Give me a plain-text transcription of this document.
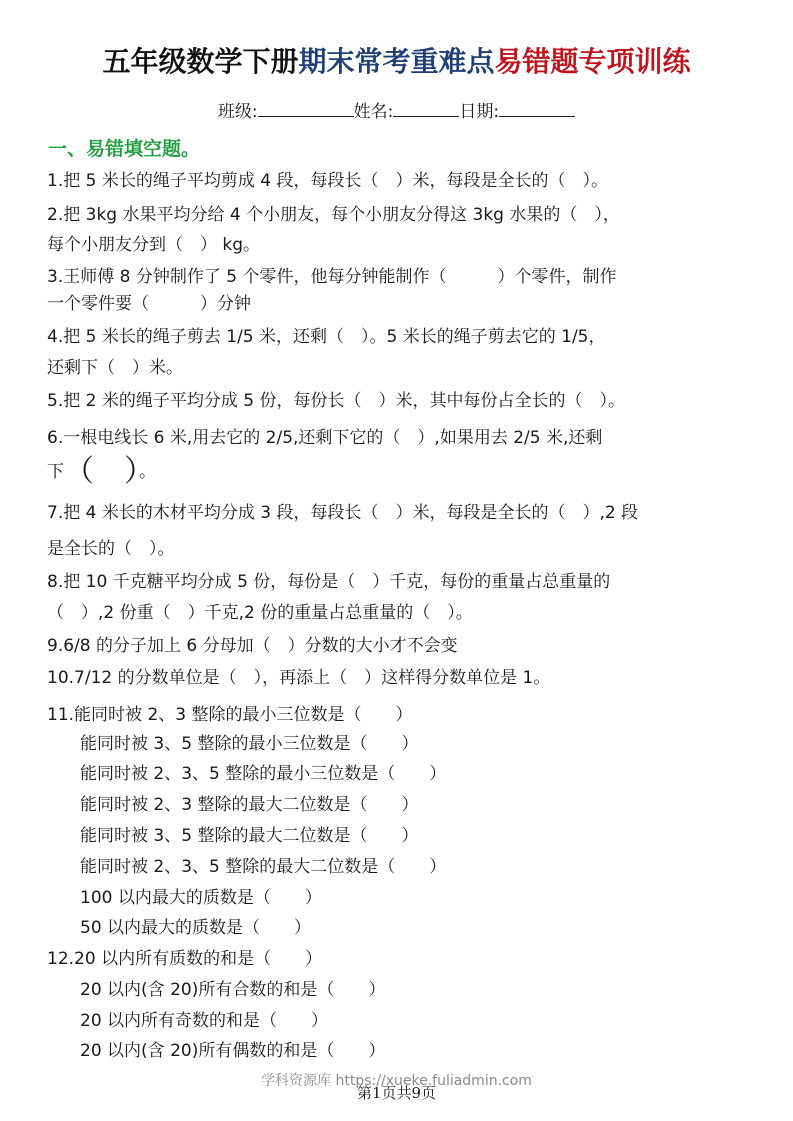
五年级数学下册期末常考重难点易错题专项训练
班级:	姓名:	日期:
一、易错填空题。
1.把 5 米长的绳子平均剪成 4 段，每段长（　）米，每段是全长的（　）。
2.把 3kg 水果平均分给 4 个小朋友，每个小朋友分得这 3kg 水果的（　），
每个小朋友分到（　） kg。
3.王师傅 8 分钟制作了 5 个零件，他每分钟能制作（　　　）个零件，制作
一个零件要（　　　）分钟
4.把 5 米长的绳子剪去 1/5 米，还剩（　）。5 米长的绳子剪去它的 1/5，
还剩下（　）米。
5.把 2 米的绳子平均分成 5 份，每份长（　）米，其中每份占全长的（　）。
6.一根电线长 6 米,用去它的 2/5,还剩下它的（　）,如果用去 2/5 米,还剩
下（　）。
7.把 4 米长的木材平均分成 3 段，每段长（　）米，每段是全长的（　）,2 段
是全长的（　）。
8.把 10 千克糖平均分成 5 份，每份是（　）千克，每份的重量占总重量的
（　）,2 份重（　）千克,2 份的重量占总重量的（　）。
9.6/8 的分子加上 6 分母加（　）分数的大小才不会变
10.7/12 的分数单位是（　），再添上（　）这样得分数单位是 1。
11.能同时被 2、3 整除的最小三位数是（　　）
能同时被 3、5 整除的最小三位数是（　　）
能同时被 2、3、5 整除的最小三位数是（　　）
能同时被 2、3 整除的最大二位数是（　　）
能同时被 3、5 整除的最大二位数是（　　）
能同时被 2、3、5 整除的最大二位数是（　　）
100 以内最大的质数是（　　）
50 以内最大的质数是（　　）
12.20 以内所有质数的和是（　　）
20 以内(含 20)所有合数的和是（　　）
20 以内所有奇数的和是（　　）
20 以内(含 20)所有偶数的和是（　　）
学科资源库 https://xueke.fuliadmin.com
第1页共9页
